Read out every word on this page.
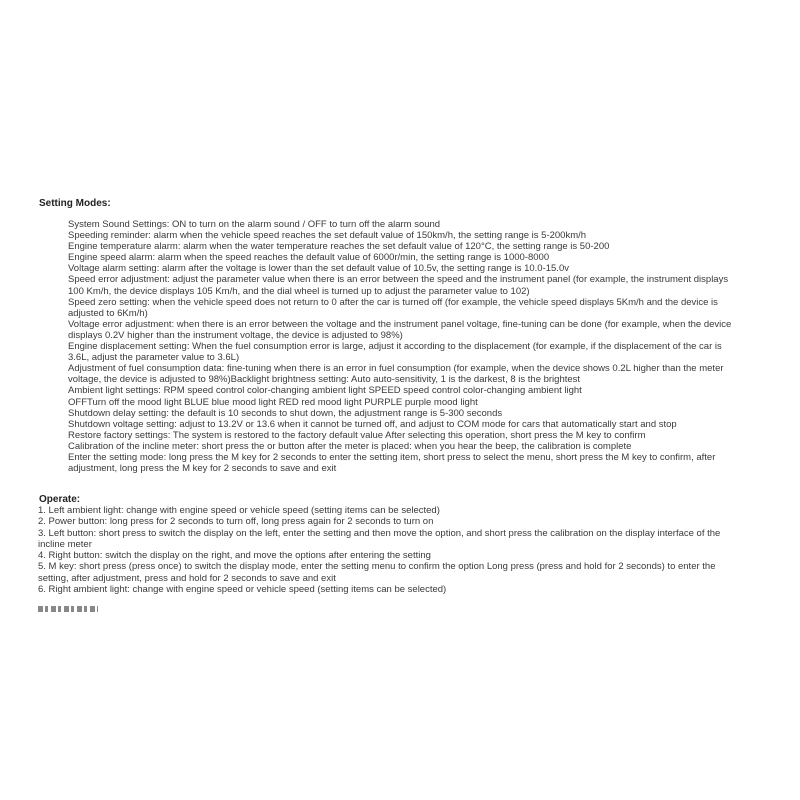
Setting Modes:
System Sound Settings: ON to turn on the alarm sound / OFF to turn off the alarm sound
Speeding reminder: alarm when the vehicle speed reaches the set default value of 150km/h, the setting range is 5-200km/h
Engine temperature alarm: alarm when the water temperature reaches the set default value of 120°C, the setting range is 50-200
Engine speed alarm: alarm when the speed reaches the default value of 6000r/min, the setting range is 1000-8000
Voltage alarm setting: alarm after the voltage is lower than the set default value of 10.5v, the setting range is 10.0-15.0v
Speed error adjustment: adjust the parameter value when there is an error between the speed and the instrument panel (for example, the instrument displays 100 Km/h, the device displays 105 Km/h, and the dial wheel is turned up to adjust the parameter value to 102)
Speed zero setting: when the vehicle speed does not return to 0 after the car is turned off (for example, the vehicle speed displays 5Km/h and the device is adjusted to 6Km/h)
Voltage error adjustment: when there is an error between the voltage and the instrument panel voltage, fine-tuning can be done (for example, when the device displays 0.2V higher than the instrument voltage, the device is adjusted to 98%)
Engine displacement setting: When the fuel consumption error is large, adjust it according to the displacement (for example, if the displacement of the car is 3.6L, adjust the parameter value to 3.6L)
Adjustment of fuel consumption data: fine-tuning when there is an error in fuel consumption (for example, when the device shows 0.2L higher than the meter voltage, the device is adjusted to 98%)Backlight brightness setting: Auto auto-sensitivity, 1 is the darkest, 8 is the brightest
Ambient light settings: RPM speed control color-changing ambient light SPEED speed control color-changing ambient light
OFFTurn off the mood light BLUE blue mood light RED red mood light PURPLE purple mood light
Shutdown delay setting: the default is 10 seconds to shut down, the adjustment range is 5-300 seconds
Shutdown voltage setting: adjust to 13.2V or 13.6 when it cannot be turned off, and adjust to COM mode for cars that automatically start and stop
Restore factory settings: The system is restored to the factory default value After selecting this operation, short press the M key to confirm
Calibration of the incline meter: short press the or button after the meter is placed: when you hear the beep, the calibration is complete
Enter the setting mode: long press the M key for 2 seconds to enter the setting item, short press to select the menu, short press the M key to confirm, after adjustment, long press the M key for 2 seconds to save and exit
Operate:
1. Left ambient light: change with engine speed or vehicle speed (setting items can be selected)
2. Power button: long press for 2 seconds to turn off, long press again for 2 seconds to turn on
3. Left button: short press to switch the display on the left, enter the setting and then move the option, and short press the calibration on the display interface of the incline meter
4. Right button: switch the display on the right, and move the options after entering the setting
5. M key: short press (press once) to switch the display mode, enter the setting menu to confirm the option Long press (press and hold for 2 seconds) to enter the setting, after adjustment, press and hold for 2 seconds to save and exit
6. Right ambient light: change with engine speed or vehicle speed (setting items can be selected)
